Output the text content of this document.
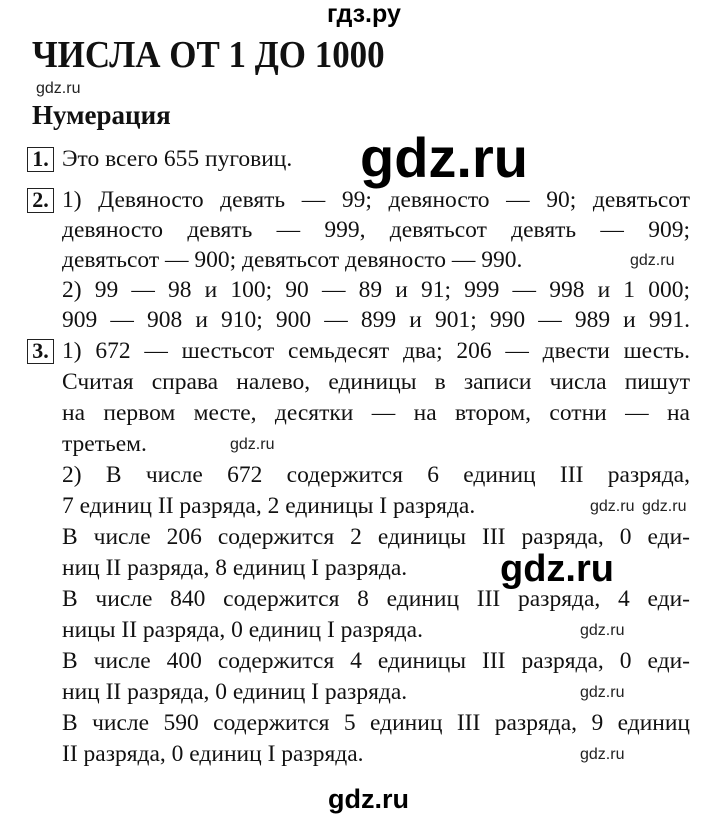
гдз.ру
ЧИСЛА ОТ 1 ДО 1000
gdz.ru
Нумерация
1. Это всего 655 пуговиц. gdz.ru
2. 1) Девяносто девять — 99; девяносто — 90; девятьсот
девяносто девять — 999, девятьсот девять — 909;
девятьсот — 900; девятьсот девяносто — 990.	gdz.ru
2) 99 — 98 и 100; 90 — 89 и 91; 999 — 998 и 1 000;
909 — 908 и 910; 900 — 899 и 901; 990 — 989 и 991.
3. 1) 672 — шестьсот семьдесят два; 206 — двести шесть.
Считая справа налево, единицы в записи числа пишут
на первом месте, десятки — на втором, сотни — на
третьем.	gdz.ru
2) В числе 672 содержится 6 единиц III разряда,
7 единиц II разряда, 2 единицы I разряда.	gdz.ru gdz.ru
В числе 206 содержится 2 единицы III разряда, 0 еди-
ниц II разряда, 8 единиц I разряда. gdz.ru
В числе 840 содержится 8 единиц III разряда, 4 еди-
ницы II разряда, 0 единиц I разряда.	gdz.ru
В числе 400 содержится 4 единицы III разряда, 0 еди-
ниц II разряда, 0 единиц I разряда.	gdz.ru
В числе 590 содержится 5 единиц III разряда, 9 единиц
II разряда, 0 единиц I разряда.	gdz.ru
gdz.ru
